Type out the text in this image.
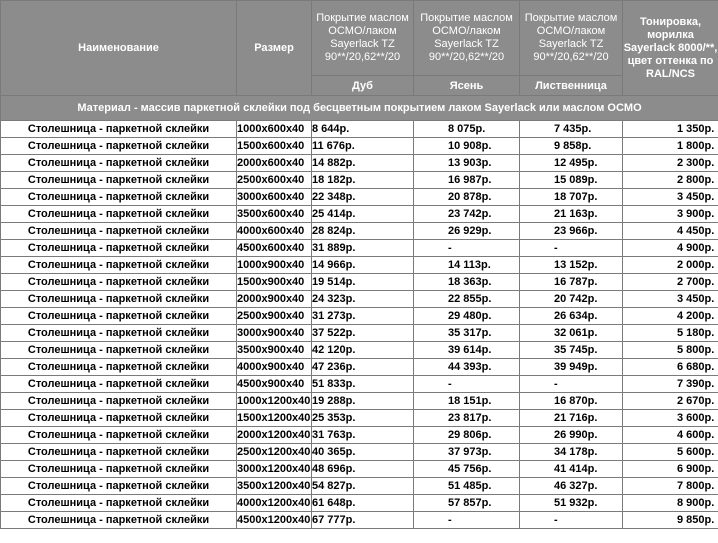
Наименование	Размер	Покрытие маслом OCMO/лаком Sayerlack TZ 90**/20,62**/20	Покрытие маслом OCMO/лаком Sayerlack TZ 90**/20,62**/20	Покрытие маслом OCMO/лаком Sayerlack TZ 90**/20,62**/20	Тонировка, морилка Sayerlack 8000/**, цвет оттенка по RAL/NCS
		Дуб	Ясень	Лиственница	
Материал - массив паркетной склейки под бесцветным покрытием лаком Sayerlack или маслом OCMO					
Столешница - паркетной склейки	1000x600x40	8 644р.	8 075р.	7 435р.	1 350р.
Столешница - паркетной склейки	1500x600x40	11 676р.	10 908р.	9 858р.	1 800р.
Столешница - паркетной склейки	2000x600x40	14 882р.	13 903р.	12 495р.	2 300р.
Столешница - паркетной склейки	2500x600x40	18 182р.	16 987р.	15 089р.	2 800р.
Столешница - паркетной склейки	3000x600x40	22 348р.	20 878р.	18 707р.	3 450р.
Столешница - паркетной склейки	3500x600x40	25 414р.	23 742р.	21 163р.	3 900р.
Столешница - паркетной склейки	4000x600x40	28 824р.	26 929р.	23 966р.	4 450р.
Столешница - паркетной склейки	4500x600x40	31 889р.	-	-	4 900р.
Столешница - паркетной склейки	1000x900x40	14 966р.	14 113р.	13 152р.	2 000р.
Столешница - паркетной склейки	1500x900x40	19 514р.	18 363р.	16 787р.	2 700р.
Столешница - паркетной склейки	2000x900x40	24 323р.	22 855р.	20 742р.	3 450р.
Столешница - паркетной склейки	2500x900x40	31 273р.	29 480р.	26 634р.	4 200р.
Столешница - паркетной склейки	3000x900x40	37 522р.	35 317р.	32 061р.	5 180р.
Столешница - паркетной склейки	3500x900x40	42 120р.	39 614р.	35 745р.	5 800р.
Столешница - паркетной склейки	4000x900x40	47 236р.	44 393р.	39 949р.	6 680р.
Столешница - паркетной склейки	4500x900x40	51 833р.	-	-	7 390р.
Столешница - паркетной склейки	1000x1200x40	19 288р.	18 151р.	16 870р.	2 670р.
Столешница - паркетной склейки	1500x1200x40	25 353р.	23 817р.	21 716р.	3 600р.
Столешница - паркетной склейки	2000x1200x40	31 763р.	29 806р.	26 990р.	4 600р.
Столешница - паркетной склейки	2500x1200x40	40 365р.	37 973р.	34 178р.	5 600р.
Столешница - паркетной склейки	3000x1200x40	48 696р.	45 756р.	41 414р.	6 900р.
Столешница - паркетной склейки	3500x1200x40	54 827р.	51 485р.	46 327р.	7 800р.
Столешница - паркетной склейки	4000x1200x40	61 648р.	57 857р.	51 932р.	8 900р.
Столешница - паркетной склейки	4500x1200x40	67 777р.	-	-	9 850р.
